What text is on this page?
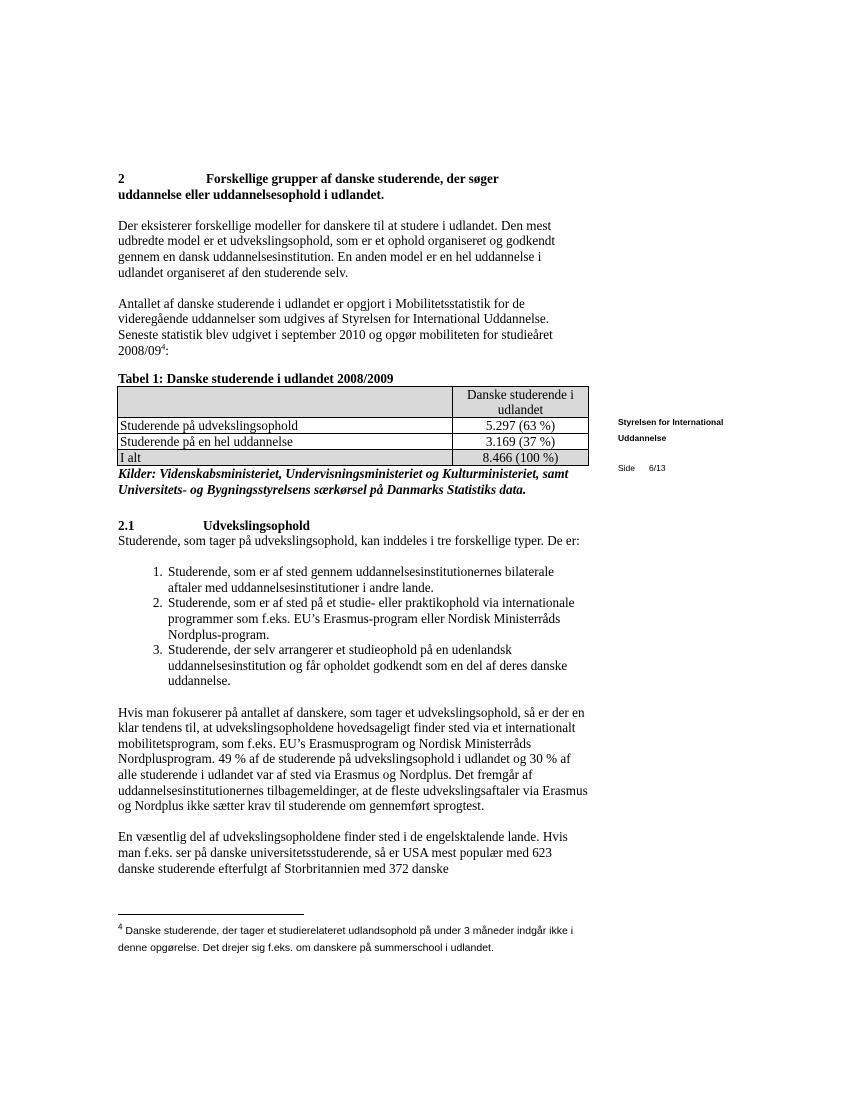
2	Forskellige grupper af danske studerende, der søger
uddannelse eller uddannelsesophold i udlandet.

Der eksisterer forskellige modeller for danskere til at studere i udlandet. Den mest udbredte model er et udvekslingsophold, som er et ophold organiseret og godkendt gennem en dansk uddannelsesinstitution. En anden model er en hel uddannelse i udlandet organiseret af den studerende selv.

Antallet af danske studerende i udlandet er opgjort i Mobilitetsstatistik for de videregående uddannelser som udgives af Styrelsen for International Uddannelse. Seneste statistik blev udgivet i september 2010 og opgør mobiliteten for studieåret $2008/09^4$:

Tabel 1: Danske studerende i udlandet 2008/2009
	Danske studerende i udlandet
Studerende på udvekslingsophold	5.297 (63 %)
Studerende på en hel uddannelse	3.169 (37 %)
I alt	8.466 (100 %)

Kilder: Videnskabsministeriet, Undervisningsministeriet og Kulturministeriet, samt Universitets- og Bygningsstyrelsens særkørsel på Danmarks Statistiks data.

2.1	Udvekslingsophold

Studerende, som tager på udvekslingsophold, kan inddeles i tre forskellige typer. De er:

1. Studerende, som er af sted gennem uddannelsesinstitutionernes bilaterale aftaler med uddannelsesinstitutioner i andre lande.
2. Studerende, som er af sted på et studie- eller praktikophold via internationale programmer som f.eks. EU’s Erasmus-program eller Nordisk Ministerråds Nordplus-program.
3. Studerende, der selv arrangerer et studieophold på en udenlandsk uddannelsesinstitution og får opholdet godkendt som en del af deres danske uddannelse.

Hvis man fokuserer på antallet af danskere, som tager et udvekslingsophold, så er der en klar tendens til, at udvekslingsopholdene hovedsageligt finder sted via et internationalt mobilitetsprogram, som f.eks. EU’s Erasmusprogram og Nordisk Ministerråds Nordplusprogram. 49 % af de studerende på udvekslingsophold i udlandet og 30 % af alle studerende i udlandet var af sted via Erasmus og Nordplus. Det fremgår af uddannelsesinstitutionernes tilbagemeldinger, at de fleste udvekslingsaftaler via Erasmus og Nordplus ikke sætter krav til studerende om gennemført sprogtest.

En væsentlig del af udvekslingsopholdene finder sted i de engelsktalende lande. Hvis man f.eks. ser på danske universitetsstuderende, så er USA mest populær med 623 danske studerende efterfulgt af Storbritannien med 372 danske

$^4$ Danske studerende, der tager et studierelateret udlandsophold på under 3 måneder indgår ikke i denne opgørelse. Det drejer sig f.eks. om danskere på summerschool i udlandet.
Styrelsen for International
Uddannelse
Side 6/13
